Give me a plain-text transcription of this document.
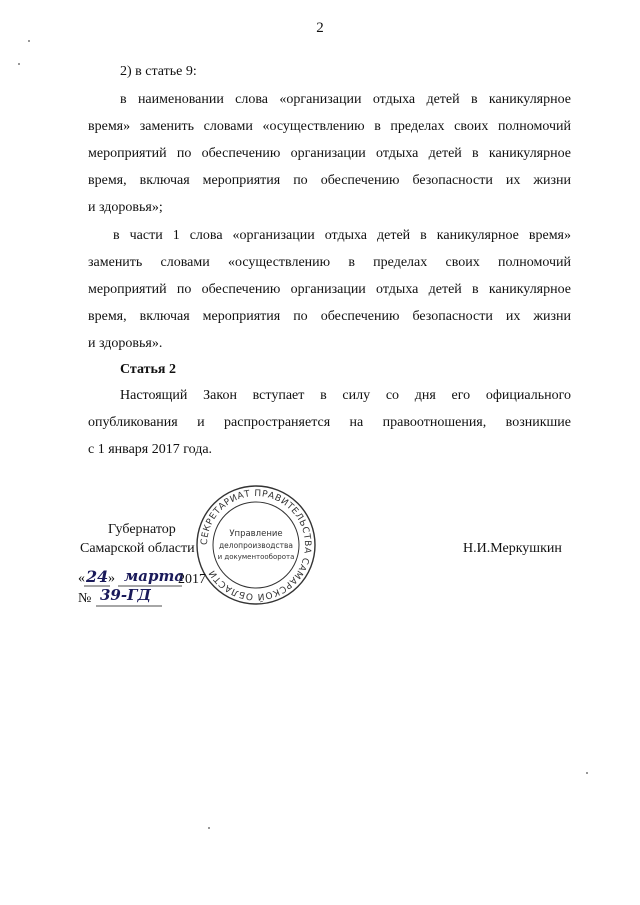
2
2) в статье 9:
в наименовании слова «организации отдыха детей в каникулярное
время» заменить словами «осуществлению в пределах своих полномочий
мероприятий по обеспечению организации отдыха детей в каникулярное
время, включая мероприятия по обеспечению безопасности их жизни
и здоровья»;
в части 1 слова «организации отдыха детей в каникулярное время»
заменить словами «осуществлению в пределах своих полномочий
мероприятий по обеспечению организации отдыха детей в каникулярное
время, включая мероприятия по обеспечению безопасности их жизни
и здоровья».
Статья 2
Настоящий Закон вступает в силу со дня его официального
опубликования и распространяется на правоотношения, возникшие
с 1 января 2017 года.
Губернатор
Самарской области	Н.И.Меркушкин
СЕКРЕТАРИАТ ПРАВИТЕЛЬСТВА САМАРСКОЙ ОБЛАСТИ
Управление
делопроизводства
и документооборота
« 24 » марта
2017
№ 39-ГД
